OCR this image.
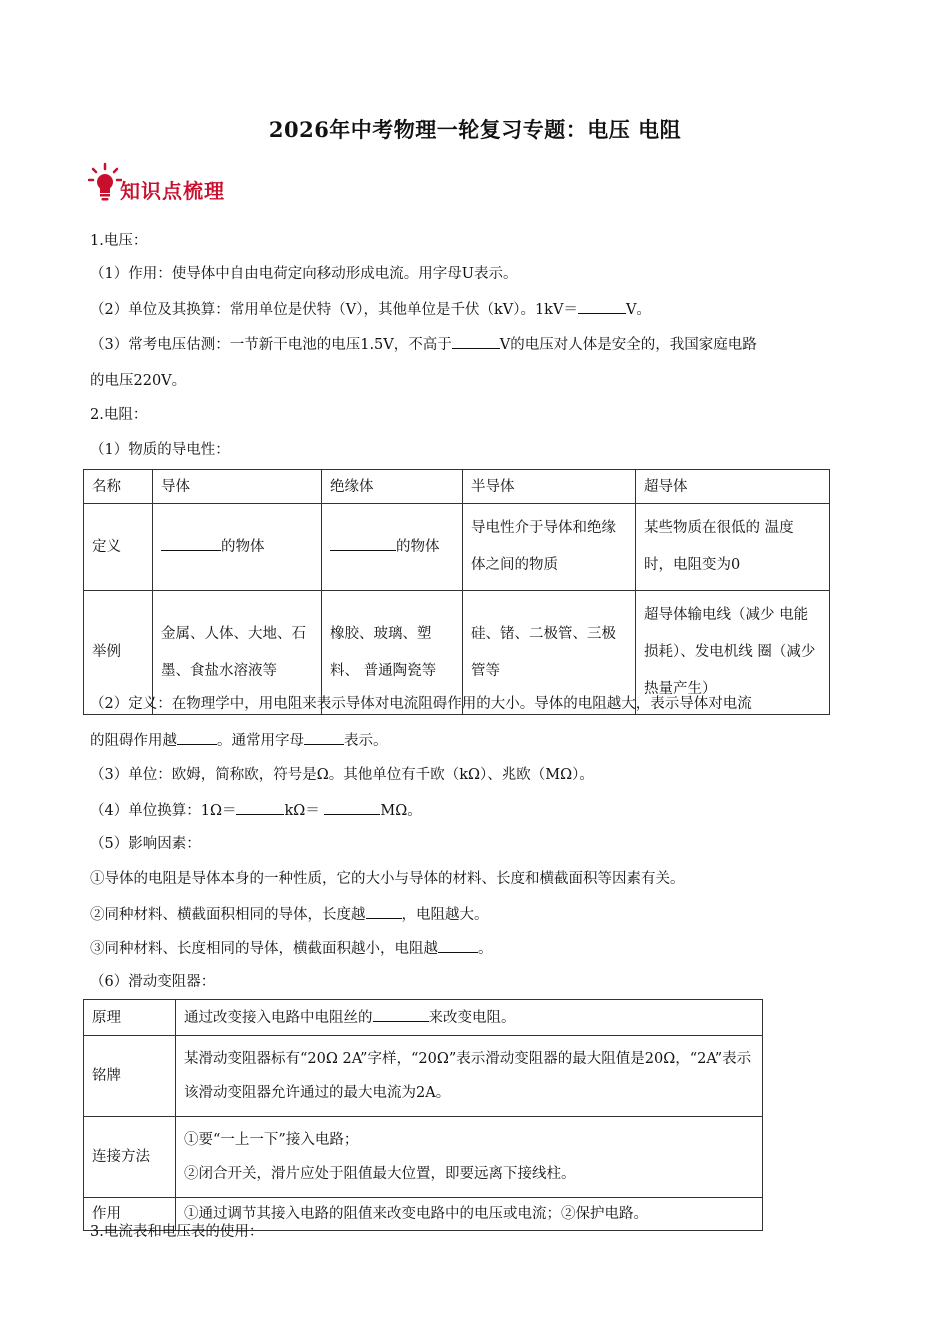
2026年中考物理一轮复习专题：电压 电阻
知识点梳理
1.电压：
（1）作用：使导体中自由电荷定向移动形成电流。用字母U表示。
（2）单位及其换算：常用单位是伏特（V），其他单位是千伏（kV）。1kV＝	V。
（3）常考电压估测：一节新干电池的电压1.5V，不高于	V的电压对人体是安全的，我国家庭电路
的电压220V。
2.电阻：
（1）物质的导电性：
名称	导体	绝缘体	半导体	超导体
定义	的物体	的物体	导电性介于导体和绝缘体之间的物质	某些物质在很低的 温度时，电阻变为0
举例	金属、人体、大地、石墨、食盐水溶液等	橡胶、玻璃、塑料、 普通陶瓷等	硅、锗、二极管、三极管等	超导体输电线（减少 电能损耗）、发电机线 圈（减少热量产生）
（2）定义：在物理学中，用电阻来表示导体对电流阻碍作用的大小。导体的电阻越大，表示导体对电流
的阻碍作用越	。通常用字母	表示。
（3）单位：欧姆，简称欧，符号是Ω。其他单位有千欧（kΩ）、兆欧（MΩ）。
（4）单位换算：1Ω＝	kΩ＝	MΩ。
（5）影响因素：
①导体的电阻是导体本身的一种性质，它的大小与导体的材料、长度和横截面积等因素有关。
②同种材料、横截面积相同的导体，长度越 ，电阻越大。
③同种材料、长度相同的导体，横截面积越小，电阻越	。
（6）滑动变阻器：
原理	通过改变接入电路中电阻丝的 来改变电阻。
铭牌	某滑动变阻器标有“20Ω 2A”字样，“20Ω”表示滑动变阻器的最大阻值是20Ω，“2A”表示该滑动变阻器允许通过的最大电流为2A。
连接方法	①要“一上一下”接入电路；
②闭合开关，滑片应处于阻值最大位置，即要远离下接线柱。

作用	①通过调节其接入电路的阻值来改变电路中的电压或电流；②保护电路。
3.电流表和电压表的使用：
